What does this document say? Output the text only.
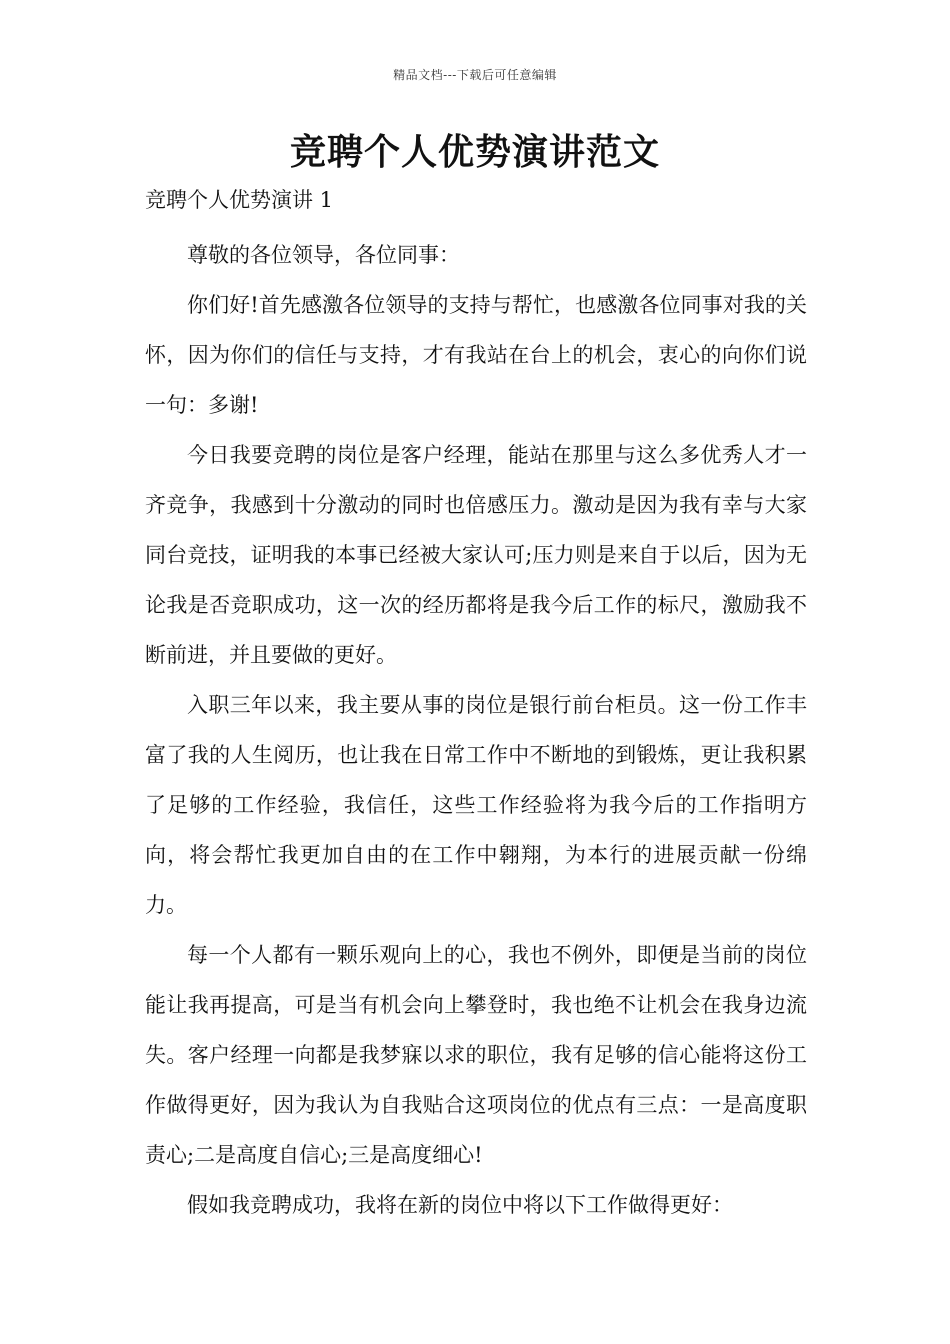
精品文档---下载后可任意编辑
竞聘个人优势演讲范文
竞聘个人优势演讲 1

尊敬的各位领导，各位同事：

你们好!首先感激各位领导的支持与帮忙，也感激各位同事对我的关怀，因为你们的信任与支持，才有我站在台上的机会，衷心的向你们说一句：多谢!

今日我要竞聘的岗位是客户经理，能站在那里与这么多优秀人才一齐竞争，我感到十分激动的同时也倍感压力。激动是因为我有幸与大家同台竞技，证明我的本事已经被大家认可;压力则是来自于以后，因为无论我是否竞职成功，这一次的经历都将是我今后工作的标尺，激励我不断前进，并且要做的更好。

入职三年以来，我主要从事的岗位是银行前台柜员。这一份工作丰富了我的人生阅历，也让我在日常工作中不断地的到锻炼，更让我积累了足够的工作经验，我信任，这些工作经验将为我今后的工作指明方向，将会帮忙我更加自由的在工作中翱翔，为本行的进展贡献一份绵力。

每一个人都有一颗乐观向上的心，我也不例外，即便是当前的岗位能让我再提高，可是当有机会向上攀登时，我也绝不让机会在我身边流失。客户经理一向都是我梦寐以求的职位，我有足够的信心能将这份工作做得更好，因为我认为自我贴合这项岗位的优点有三点：一是高度职责心;二是高度自信心;三是高度细心!

假如我竞聘成功，我将在新的岗位中将以下工作做得更好：
